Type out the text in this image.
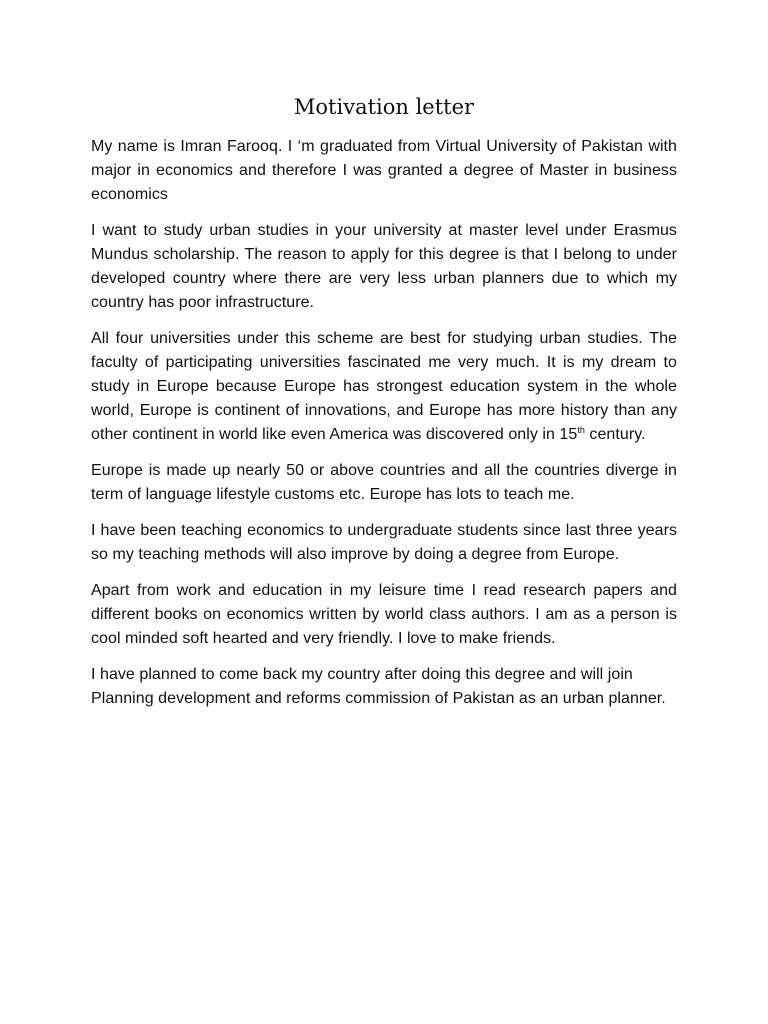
Motivation letter

My name is Imran Farooq. I ‘m graduated from Virtual University of Pakistan with major in economics and therefore I was granted a degree of Master in business economics

I want to study urban studies in your university at master level under Erasmus Mundus scholarship. The reason to apply for this degree is that I belong to under developed country where there are very less urban planners due to which my country has poor infrastructure.

All four universities under this scheme are best for studying urban studies. The faculty of participating universities fascinated me very much. It is my dream to study in Europe because Europe has strongest education system in the whole world, Europe is continent of innovations, and Europe has more history than any other continent in world like even America was discovered only in 15th century.

Europe is made up nearly 50 or above countries and all the countries diverge in term of language lifestyle customs etc. Europe has lots to teach me.

I have been teaching economics to undergraduate students since last three years so my teaching methods will also improve by doing a degree from Europe.

Apart from work and education in my leisure time I read research papers and different books on economics written by world class authors. I am as a person is cool minded soft hearted and very friendly. I love to make friends.

I have planned to come back my country after doing this degree and will join Planning development and reforms commission of Pakistan as an urban planner.
